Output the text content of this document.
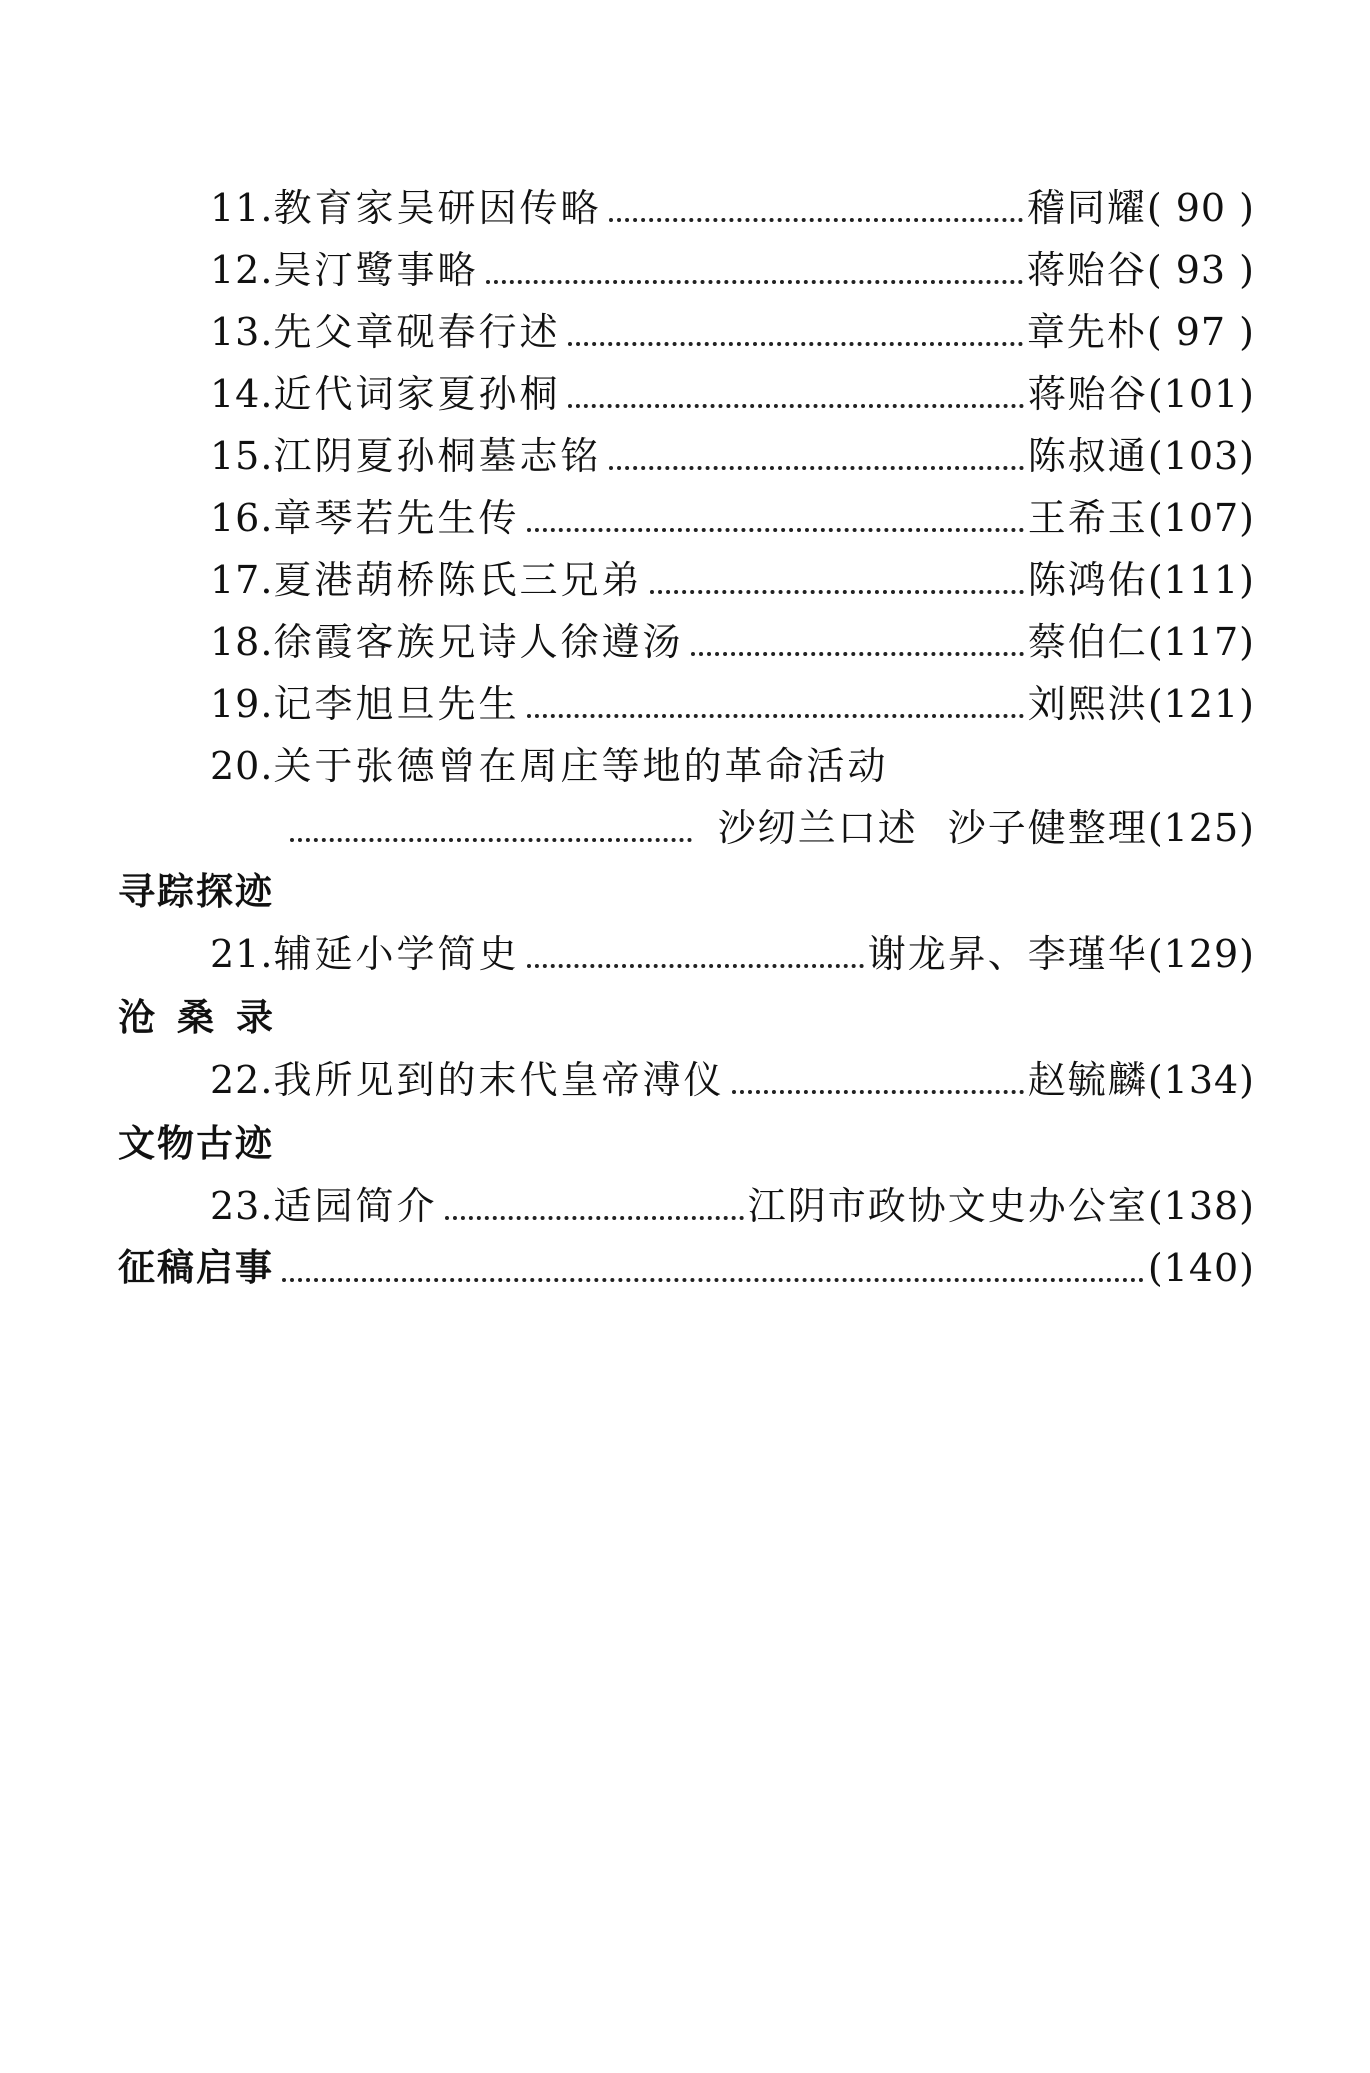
11. 教育家吴研因传略	稽同耀 ( 90 )
12. 吴汀鹭事略	蒋贻谷 ( 93 )
13. 先父章砚春行述	章先朴 ( 97 )
14. 近代词家夏孙桐	蒋贻谷 (101)
15. 江阴夏孙桐墓志铭	陈叔通 (103)
16. 章琴若先生传	王希玉 (107)
17. 夏港葫桥陈氏三兄弟	陈鸿佑 (111)
18. 徐霞客族兄诗人徐遵汤	蔡伯仁 (117)
19. 记李旭旦先生	刘熙洪 (121)
20. 关于张德曾在周庄等地的革命活动
沙纫兰口述 沙子健整理 (125)
寻踪探迹
21. 辅延小学简史	谢龙昇、李瑾华 (129)
沧桑录
22. 我所见到的末代皇帝溥仪	赵毓麟 (134)
文物古迹
23. 适园简介	江阴市政协文史办公室 (138)
征稿启事	(140)
